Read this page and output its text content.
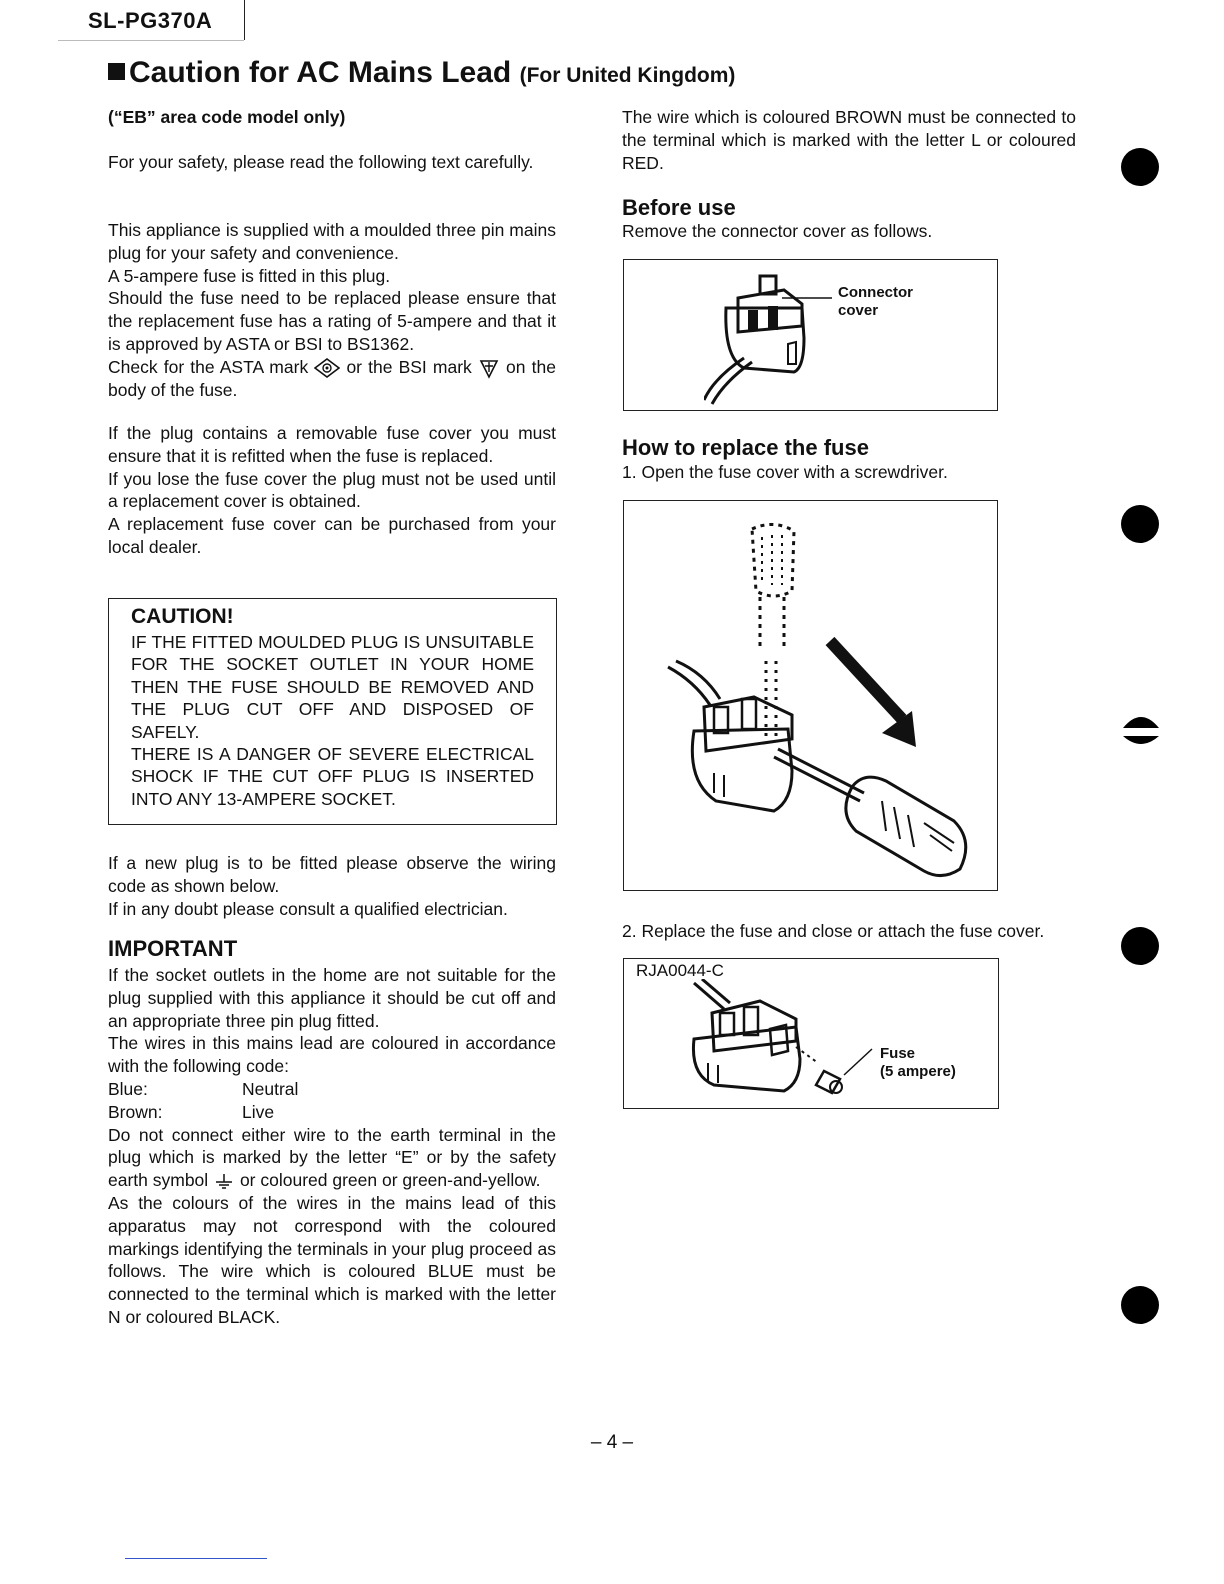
SL-PG370A
Caution for AC Mains Lead (For United Kingdom)
(“EB” area code model only)

For your safety, please read the following text carefully.

This appliance is supplied with a moulded three pin mains plug for your safety and convenience.

A 5-ampere fuse is fitted in this plug.

Should the fuse need to be replaced please ensure that the replacement fuse has a rating of 5-ampere and that it is approved by ASTA or BSI to BS1362.

Check for the ASTA mark or the BSI mark on the body of the fuse.

If the plug contains a removable fuse cover you must ensure that it is refitted when the fuse is replaced.

If you lose the fuse cover the plug must not be used until a replacement cover is obtained.

A replacement fuse cover can be purchased from your local dealer.

CAUTION!

IF THE FITTED MOULDED PLUG IS UNSUITABLE FOR THE SOCKET OUTLET IN YOUR HOME THEN THE FUSE SHOULD BE REMOVED AND THE PLUG CUT OFF AND DISPOSED OF SAFELY.

THERE IS A DANGER OF SEVERE ELECTRICAL SHOCK IF THE CUT OFF PLUG IS INSERTED INTO ANY 13-AMPERE SOCKET.

If a new plug is to be fitted please observe the wiring code as shown below.

If in any doubt please consult a qualified electrician.

IMPORTANT

If the socket outlets in the home are not suitable for the plug supplied with this appliance it should be cut off and an appropriate three pin plug fitted.

The wires in this mains lead are coloured in accordance with the following code:

Blue:	Neutral
Brown:	Live

Do not connect either wire to the earth terminal in the plug which is marked by the letter “E” or by the safety earth symbol or coloured green or green-and-yellow.

As the colours of the wires in the mains lead of this apparatus may not correspond with the coloured markings identifying the terminals in your plug proceed as follows. The wire which is coloured BLUE must be connected to the terminal which is marked with the letter N or coloured BLACK.

The wire which is coloured BROWN must be connected to the terminal which is marked with the letter L or coloured RED.

Before use

Remove the connector cover as follows.

Connector
cover
How to replace the fuse

1. Open the fuse cover with a screwdriver.

2. Replace the fuse and close or attach the fuse cover.

RJA0044-C
Fuse
(5 ampere)
– 4 –
